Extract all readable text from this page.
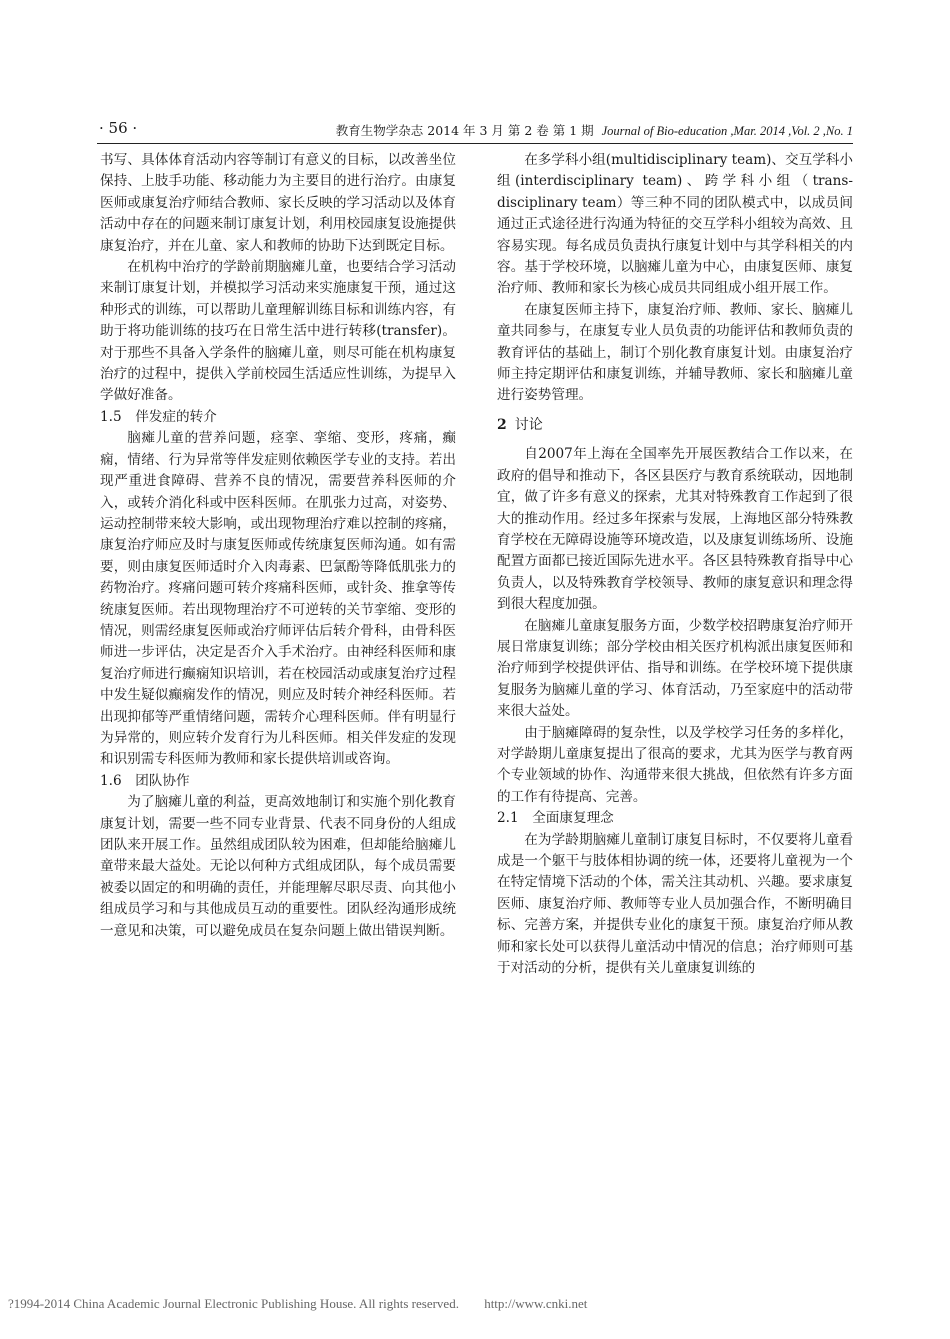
· 56 ·	教育生物学杂志 2014 年 3 月 第 2 卷 第 1 期 Journal of Bio-education ,Mar. 2014 ,Vol. 2 ,No. 1

书写、具体体育活动内容等制订有意义的目标，以改善坐位保持、上肢手功能、移动能力为主要目的进行治疗。由康复医师或康复治疗师结合教师、家长反映的学习活动以及体育活动中存在的问题来制订康复计划，利用校园康复设施提供康复治疗，并在儿童、家人和教师的协助下达到既定目标。

在机构中治疗的学龄前期脑瘫儿童，也要结合学习活动来制订康复计划，并模拟学习活动来实施康复干预，通过这种形式的训练，可以帮助儿童理解训练目标和训练内容，有助于将功能训练的技巧在日常生活中进行转移(transfer)。对于那些不具备入学条件的脑瘫儿童，则尽可能在机构康复治疗的过程中，提供入学前校园生活适应性训练，为提早入学做好准备。

1.5　伴发症的转介

脑瘫儿童的营养问题，痉挛、挛缩、变形，疼痛，癫痫，情绪、行为异常等伴发症则依赖医学专业的支持。若出现严重进食障碍、营养不良的情况，需要营养科医师的介入，或转介消化科或中医科医师。在肌张力过高，对姿势、运动控制带来较大影响，或出现物理治疗难以控制的疼痛，康复治疗师应及时与康复医师或传统康复医师沟通。如有需要，则由康复医师适时介入肉毒素、巴氯酚等降低肌张力的药物治疗。疼痛问题可转介疼痛科医师，或针灸、推拿等传统康复医师。若出现物理治疗不可逆转的关节挛缩、变形的情况，则需经康复医师或治疗师评估后转介骨科，由骨科医师进一步评估，决定是否介入手术治疗。由神经科医师和康复治疗师进行癫痫知识培训，若在校园活动或康复治疗过程中发生疑似癫痫发作的情况，则应及时转介神经科医师。若出现抑郁等严重情绪问题，需转介心理科医师。伴有明显行为异常的，则应转介发育行为儿科医师。相关伴发症的发现和识别需专科医师为教师和家长提供培训或咨询。

1.6　团队协作

为了脑瘫儿童的利益，更高效地制订和实施个别化教育康复计划，需要一些不同专业背景、代表不同身份的人组成团队来开展工作。虽然组成团队较为困难，但却能给脑瘫儿童带来最大益处。无论以何种方式组成团队，每个成员需要被委以固定的和明确的责任，并能理解尽职尽责、向其他小组成员学习和与其他成员互动的重要性。团队经沟通形成统一意见和决策，可以避免成员在复杂问题上做出错误判断。

在多学科小组(multidisciplinary team)、交互学科小组(interdisciplinary team)、跨学科小组（trans-disciplinary team）等三种不同的团队模式中，以成员间通过正式途径进行沟通为特征的交互学科小组较为高效、且容易实现。每名成员负责执行康复计划中与其学科相关的内容。基于学校环境，以脑瘫儿童为中心，由康复医师、康复治疗师、教师和家长为核心成员共同组成小组开展工作。

在康复医师主持下，康复治疗师、教师、家长、脑瘫儿童共同参与，在康复专业人员负责的功能评估和教师负责的教育评估的基础上，制订个别化教育康复计划。由康复治疗师主持定期评估和康复训练，并辅导教师、家长和脑瘫儿童进行姿势管理。

2 讨论

自2007年上海在全国率先开展医教结合工作以来，在政府的倡导和推动下，各区县医疗与教育系统联动，因地制宜，做了许多有意义的探索，尤其对特殊教育工作起到了很大的推动作用。经过多年探索与发展，上海地区部分特殊教育学校在无障碍设施等环境改造，以及康复训练场所、设施配置方面都已接近国际先进水平。各区县特殊教育指导中心负责人，以及特殊教育学校领导、教师的康复意识和理念得到很大程度加强。

在脑瘫儿童康复服务方面，少数学校招聘康复治疗师开展日常康复训练；部分学校由相关医疗机构派出康复医师和治疗师到学校提供评估、指导和训练。在学校环境下提供康复服务为脑瘫儿童的学习、体育活动，乃至家庭中的活动带来很大益处。

由于脑瘫障碍的复杂性，以及学校学习任务的多样化，对学龄期儿童康复提出了很高的要求，尤其为医学与教育两个专业领域的协作、沟通带来很大挑战，但依然有许多方面的工作有待提高、完善。

2.1　全面康复理念

在为学龄期脑瘫儿童制订康复目标时，不仅要将儿童看成是一个躯干与肢体相协调的统一体，还要将儿童视为一个在特定情境下活动的个体，需关注其动机、兴趣。要求康复医师、康复治疗师、教师等专业人员加强合作，不断明确目标、完善方案，并提供专业化的康复干预。康复治疗师从教师和家长处可以获得儿童活动中情况的信息；治疗师则可基于对活动的分析，提供有关儿童康复训练的

?1994-2014 China Academic Journal Electronic Publishing House. All rights reserved. http://www.cnki.net
